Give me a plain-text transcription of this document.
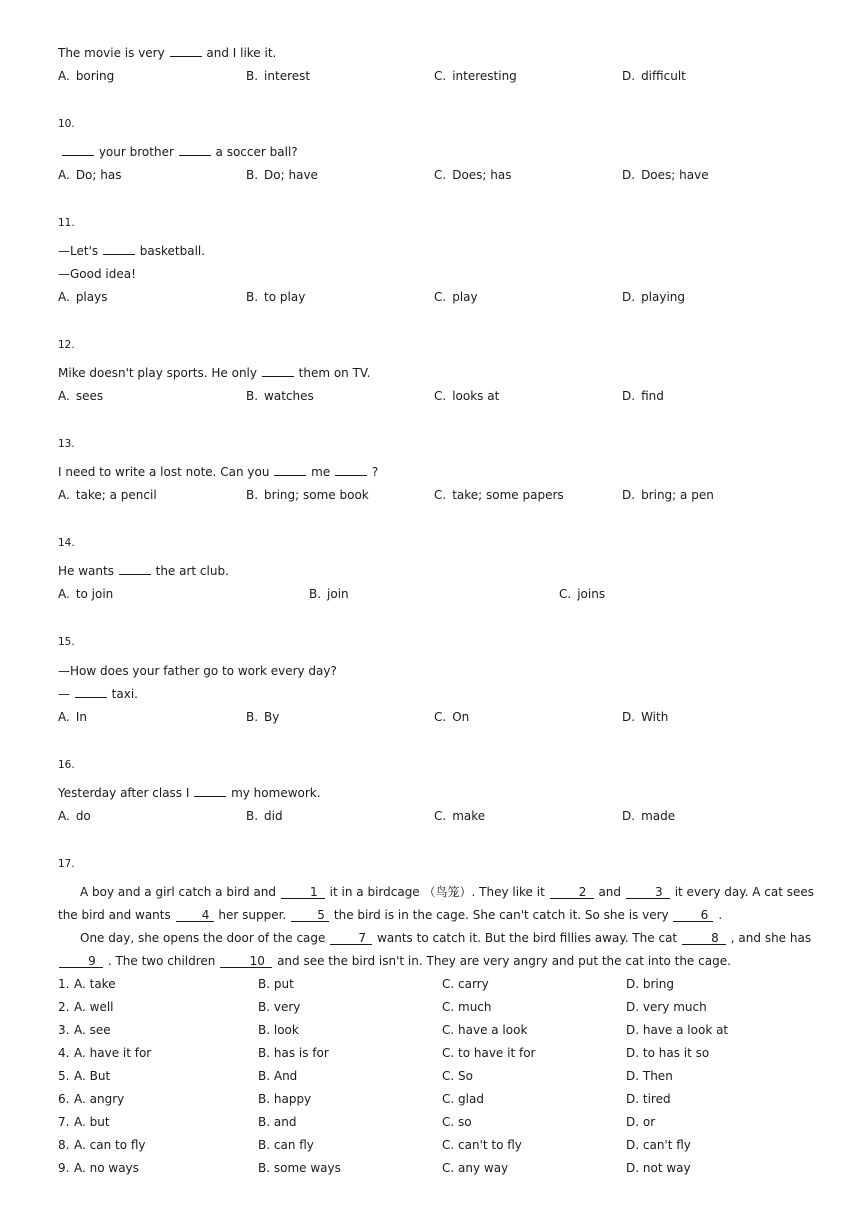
The movie is very	and I like it.
A. boring	B. interest	C. interesting	D. difficult
10.
your brother	a soccer ball?
A. Do; has	B. Do; have	C. Does; has	D. Does; have
11.
—Let's	basketball.
—Good idea!
A. plays	B. to play	C. play	D. playing
12.
Mike doesn't play sports. He only	them on TV.
A. sees	B. watches	C. looks at	D. find
13.
I need to write a lost note. Can you	me	?
A. take; a pencil	B. bring; some book	C. take; some papers	D. bring; a pen
14.
He wants	the art club.
A. to join	B. join	C. joins
15.
—How does your father go to work every day?
—	taxi.
A. In	B. By	C. On	D. With
16.
Yesterday after class I	my homework.
A. do	B. did	C. make	D. made
17.

A boy and a girl catch a bird and	1 it in a birdcage （鸟笼）. They like it	2 and	3 it every day. A cat sees the bird and wants	4 her supper.	5 the bird is in the cage. She can't catch it. So she is very	6 .

One day, she opens the door of the cage	7 wants to catch it. But the bird fillies away. The cat	8 , and she has 9 . The two children	10 and see the bird isn't in. They are very angry and put the cat into the cage.

1. A. take	B. put	C. carry	D. bring
2. A. well	B. very	C. much	D. very much
3. A. see	B. look	C. have a look	D. have a look at
4. A. have it for	B. has is for	C. to have it for	D. to has it so
5. A. But	B. And	C. So	D. Then
6. A. angry	B. happy	C. glad	D. tired
7. A. but	B. and	C. so	D. or
8. A. can to fly	B. can fly	C. can't to fly	D. can't fly
9. A. no ways	B. some ways	C. any way	D. not way
